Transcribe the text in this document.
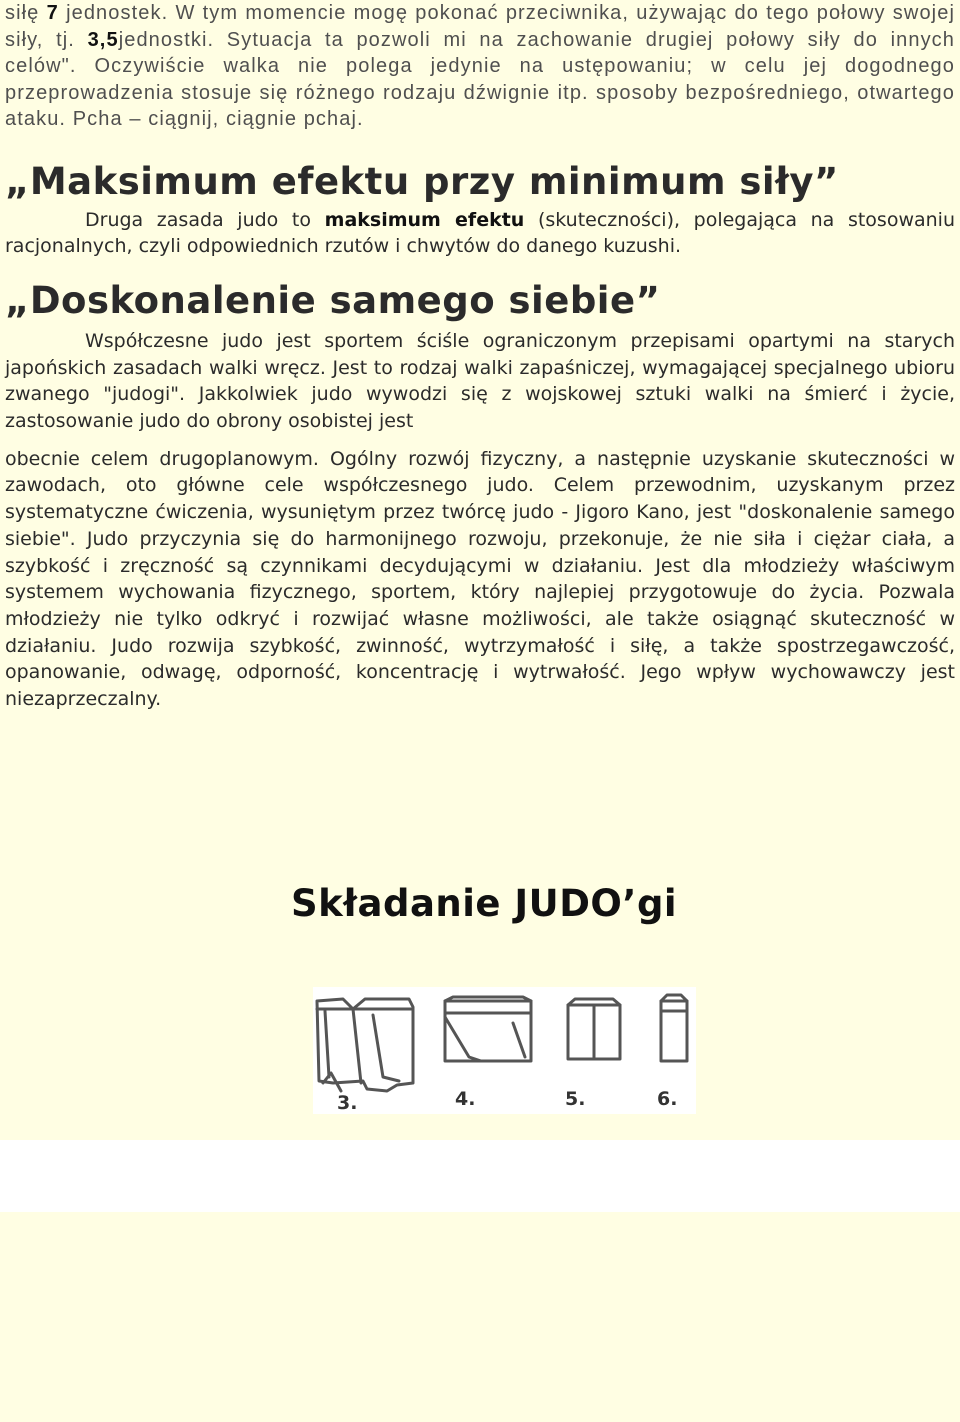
siłę 7 jednostek. W tym momencie mogę pokonać przeciwnika, używając do tego połowy swojej siły, tj. 3,5jednostki. Sytuacja ta pozwoli mi na zachowanie drugiej połowy siły do innych celów". Oczywiście walka nie polega jedynie na ustępowaniu; w celu jej dogodnego przeprowadzenia stosuje się różnego rodzaju dźwignie itp. sposoby bezpośredniego, otwartego ataku. Pcha – ciągnij, ciągnie pchaj.

„Maksimum efektu przy minimum siły”

Druga zasada judo to maksimum efektu (skuteczności), polegająca na stosowaniu racjonalnych, czyli odpowiednich rzutów i chwytów do danego kuzushi.

„Doskonalenie samego siebie”

Współczesne judo jest sportem ściśle ograniczonym przepisami opartymi na starych japońskich zasadach walki wręcz. Jest to rodzaj walki zapaśniczej, wymagającej specjalnego ubioru zwanego "judogi". Jakkolwiek judo wywodzi się z wojskowej sztuki walki na śmierć i życie, zastosowanie judo do obrony osobistej jest
obecnie celem drugoplanowym. Ogólny rozwój fizyczny, a następnie uzyskanie skuteczności w zawodach, oto główne cele współczesnego judo. Celem przewodnim, uzyskanym przez systematyczne ćwiczenia, wysuniętym przez twórcę judo - Jigoro Kano, jest "doskonalenie samego siebie". Judo przyczynia się do harmonijnego rozwoju, przekonuje, że nie siła i ciężar ciała, a szybkość i zręczność są czynnikami decydującymi w działaniu. Jest dla młodzieży właściwym systemem wychowania fizycznego, sportem, który najlepiej przygotowuje do życia. Pozwala młodzieży nie tylko odkryć i rozwijać własne możliwości, ale także osiągnąć skuteczność w działaniu. Judo rozwija szybkość, zwinność, wytrzymałość i siłę, a także spostrzegawczość, opanowanie, odwagę, odporność, koncentrację i wytrwałość. Jego wpływ wychowawczy jest niezaprzeczalny.

Składanie JUDO’gi
3.	4.	5.	6.
